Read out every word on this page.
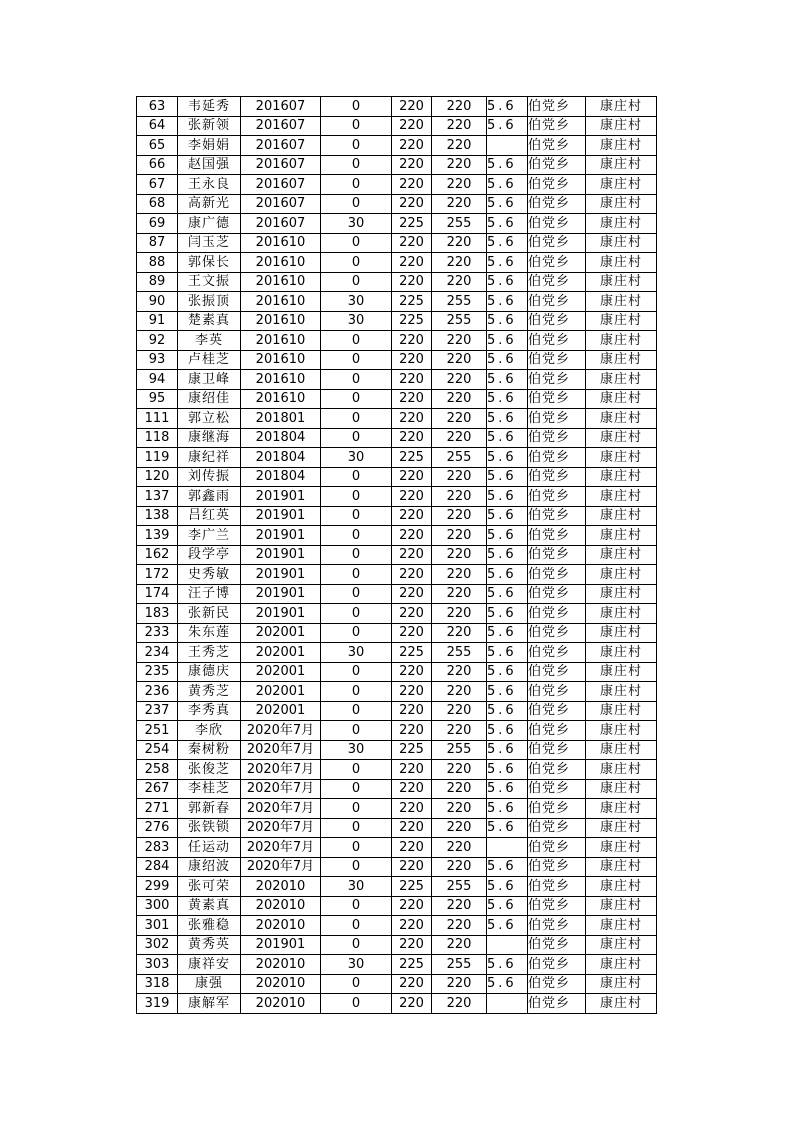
63	韦延秀	201607	0	220	220	5.6	伯党乡	康庄村
64	张新领	201607	0	220	220	5.6	伯党乡	康庄村
65	李娟娟	201607	0	220	220		伯党乡	康庄村
66	赵国强	201607	0	220	220	5.6	伯党乡	康庄村
67	王永良	201607	0	220	220	5.6	伯党乡	康庄村
68	高新光	201607	0	220	220	5.6	伯党乡	康庄村
69	康广德	201607	30	225	255	5.6	伯党乡	康庄村
87	闫玉芝	201610	0	220	220	5.6	伯党乡	康庄村
88	郭保长	201610	0	220	220	5.6	伯党乡	康庄村
89	王文振	201610	0	220	220	5.6	伯党乡	康庄村
90	张振顶	201610	30	225	255	5.6	伯党乡	康庄村
91	楚素真	201610	30	225	255	5.6	伯党乡	康庄村
92	李英	201610	0	220	220	5.6	伯党乡	康庄村
93	卢桂芝	201610	0	220	220	5.6	伯党乡	康庄村
94	康卫峰	201610	0	220	220	5.6	伯党乡	康庄村
95	康绍佳	201610	0	220	220	5.6	伯党乡	康庄村
111	郭立松	201801	0	220	220	5.6	伯党乡	康庄村
118	康继海	201804	0	220	220	5.6	伯党乡	康庄村
119	康纪祥	201804	30	225	255	5.6	伯党乡	康庄村
120	刘传振	201804	0	220	220	5.6	伯党乡	康庄村
137	郭鑫雨	201901	0	220	220	5.6	伯党乡	康庄村
138	吕红英	201901	0	220	220	5.6	伯党乡	康庄村
139	李广兰	201901	0	220	220	5.6	伯党乡	康庄村
162	段学亭	201901	0	220	220	5.6	伯党乡	康庄村
172	史秀敏	201901	0	220	220	5.6	伯党乡	康庄村
174	汪子博	201901	0	220	220	5.6	伯党乡	康庄村
183	张新民	201901	0	220	220	5.6	伯党乡	康庄村
233	朱东莲	202001	0	220	220	5.6	伯党乡	康庄村
234	王秀芝	202001	30	225	255	5.6	伯党乡	康庄村
235	康德庆	202001	0	220	220	5.6	伯党乡	康庄村
236	黄秀芝	202001	0	220	220	5.6	伯党乡	康庄村
237	李秀真	202001	0	220	220	5.6	伯党乡	康庄村
251	李欣	2020年7月	0	220	220	5.6	伯党乡	康庄村
254	秦树粉	2020年7月	30	225	255	5.6	伯党乡	康庄村
258	张俊芝	2020年7月	0	220	220	5.6	伯党乡	康庄村
267	李桂芝	2020年7月	0	220	220	5.6	伯党乡	康庄村
271	郭新春	2020年7月	0	220	220	5.6	伯党乡	康庄村
276	张铁锁	2020年7月	0	220	220	5.6	伯党乡	康庄村
283	任运动	2020年7月	0	220	220		伯党乡	康庄村
284	康绍波	2020年7月	0	220	220	5.6	伯党乡	康庄村
299	张可荣	202010	30	225	255	5.6	伯党乡	康庄村
300	黄素真	202010	0	220	220	5.6	伯党乡	康庄村
301	张雅稳	202010	0	220	220	5.6	伯党乡	康庄村
302	黄秀英	201901	0	220	220		伯党乡	康庄村
303	康祥安	202010	30	225	255	5.6	伯党乡	康庄村
318	康强	202010	0	220	220	5.6	伯党乡	康庄村
319	康解军	202010	0	220	220		伯党乡	康庄村
